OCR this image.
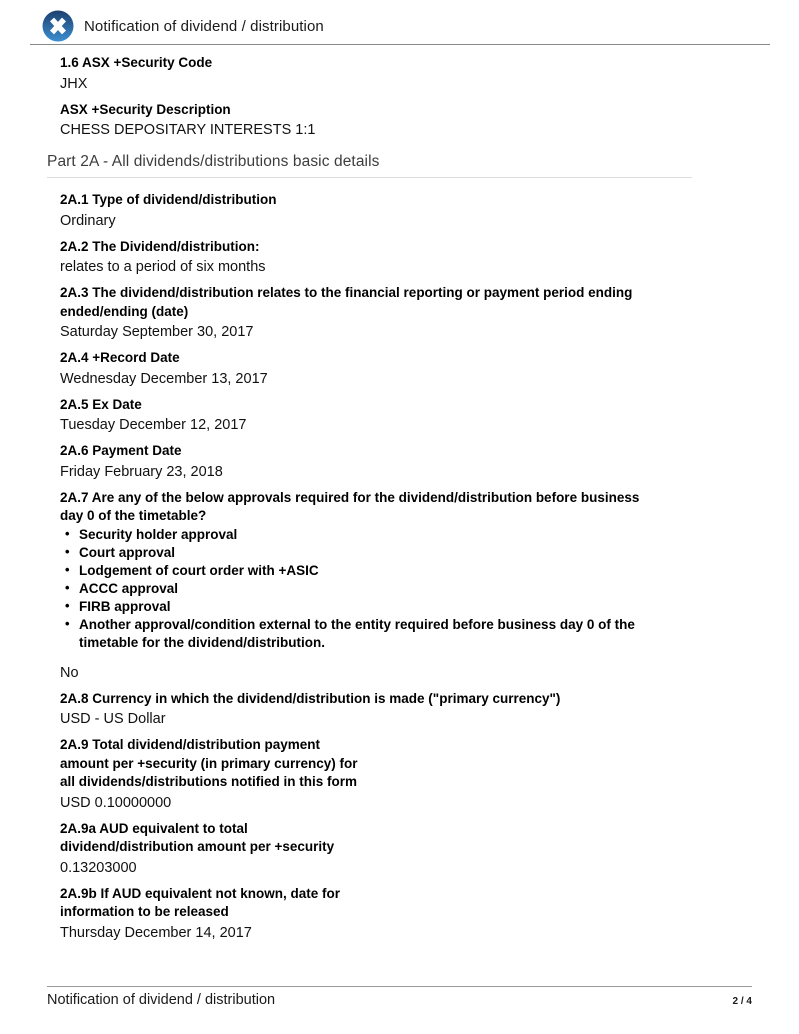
Notification of dividend / distribution
1.6 ASX +Security Code
JHX
ASX +Security Description
CHESS DEPOSITARY INTERESTS 1:1
Part 2A - All dividends/distributions basic details
2A.1 Type of dividend/distribution
Ordinary
2A.2 The Dividend/distribution:
relates to a period of six months
2A.3 The dividend/distribution relates to the financial reporting or payment period ending ended/ending (date)
Saturday September 30, 2017
2A.4 +Record Date
Wednesday December 13, 2017
2A.5 Ex Date
Tuesday December 12, 2017
2A.6 Payment Date
Friday February 23, 2018
2A.7 Are any of the below approvals required for the dividend/distribution before business day 0 of the timetable?
• Security holder approval
• Court approval
• Lodgement of court order with +ASIC
• ACCC approval
• FIRB approval
• Another approval/condition external to the entity required before business day 0 of the timetable for the dividend/distribution.
No
2A.8 Currency in which the dividend/distribution is made ("primary currency")
USD - US Dollar
2A.9 Total dividend/distribution payment amount per +security (in primary currency) for all dividends/distributions notified in this form
USD 0.10000000
2A.9a AUD equivalent to total dividend/distribution amount per +security
0.13203000
2A.9b If AUD equivalent not known, date for information to be released
Thursday December 14, 2017
Notification of dividend / distribution	2 / 4
